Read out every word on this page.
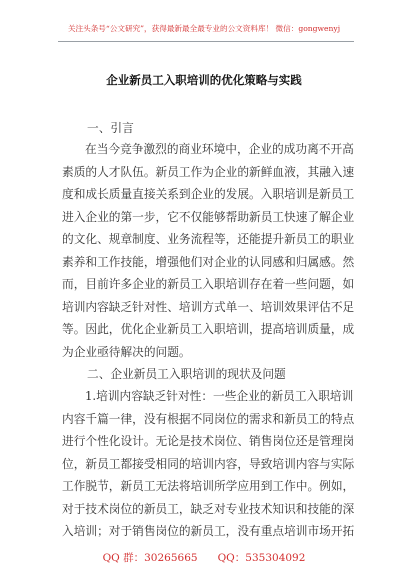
关注头条号“公文研究”，获得最新最全最专业的公文资料库！ 微信：gongwenyj
企业新员工入职培训的优化策略与实践
一、引言
在当今竞争激烈的商业环境中，企业的成功离不开高
素质的人才队伍。新员工作为企业的新鲜血液，其融入速
度和成长质量直接关系到企业的发展。入职培训是新员工
进入企业的第一步，它不仅能够帮助新员工快速了解企业
的文化、规章制度、业务流程等，还能提升新员工的职业
素养和工作技能，增强他们对企业的认同感和归属感。然
而，目前许多企业的新员工入职培训存在着一些问题，如
培训内容缺乏针对性、培训方式单一、培训效果评估不足
等。因此，优化企业新员工入职培训，提高培训质量，成
为企业亟待解决的问题。
二、企业新员工入职培训的现状及问题
1.培训内容缺乏针对性：一些企业的新员工入职培训
内容千篇一律，没有根据不同岗位的需求和新员工的特点
进行个性化设计。无论是技术岗位、销售岗位还是管理岗
位，新员工都接受相同的培训内容，导致培训内容与实际
工作脱节，新员工无法将培训所学应用到工作中。例如，
对于技术岗位的新员工，缺乏对专业技术知识和技能的深
入培训；对于销售岗位的新员工，没有重点培训市场开拓
QQ 群：30265665 QQ：535304092
